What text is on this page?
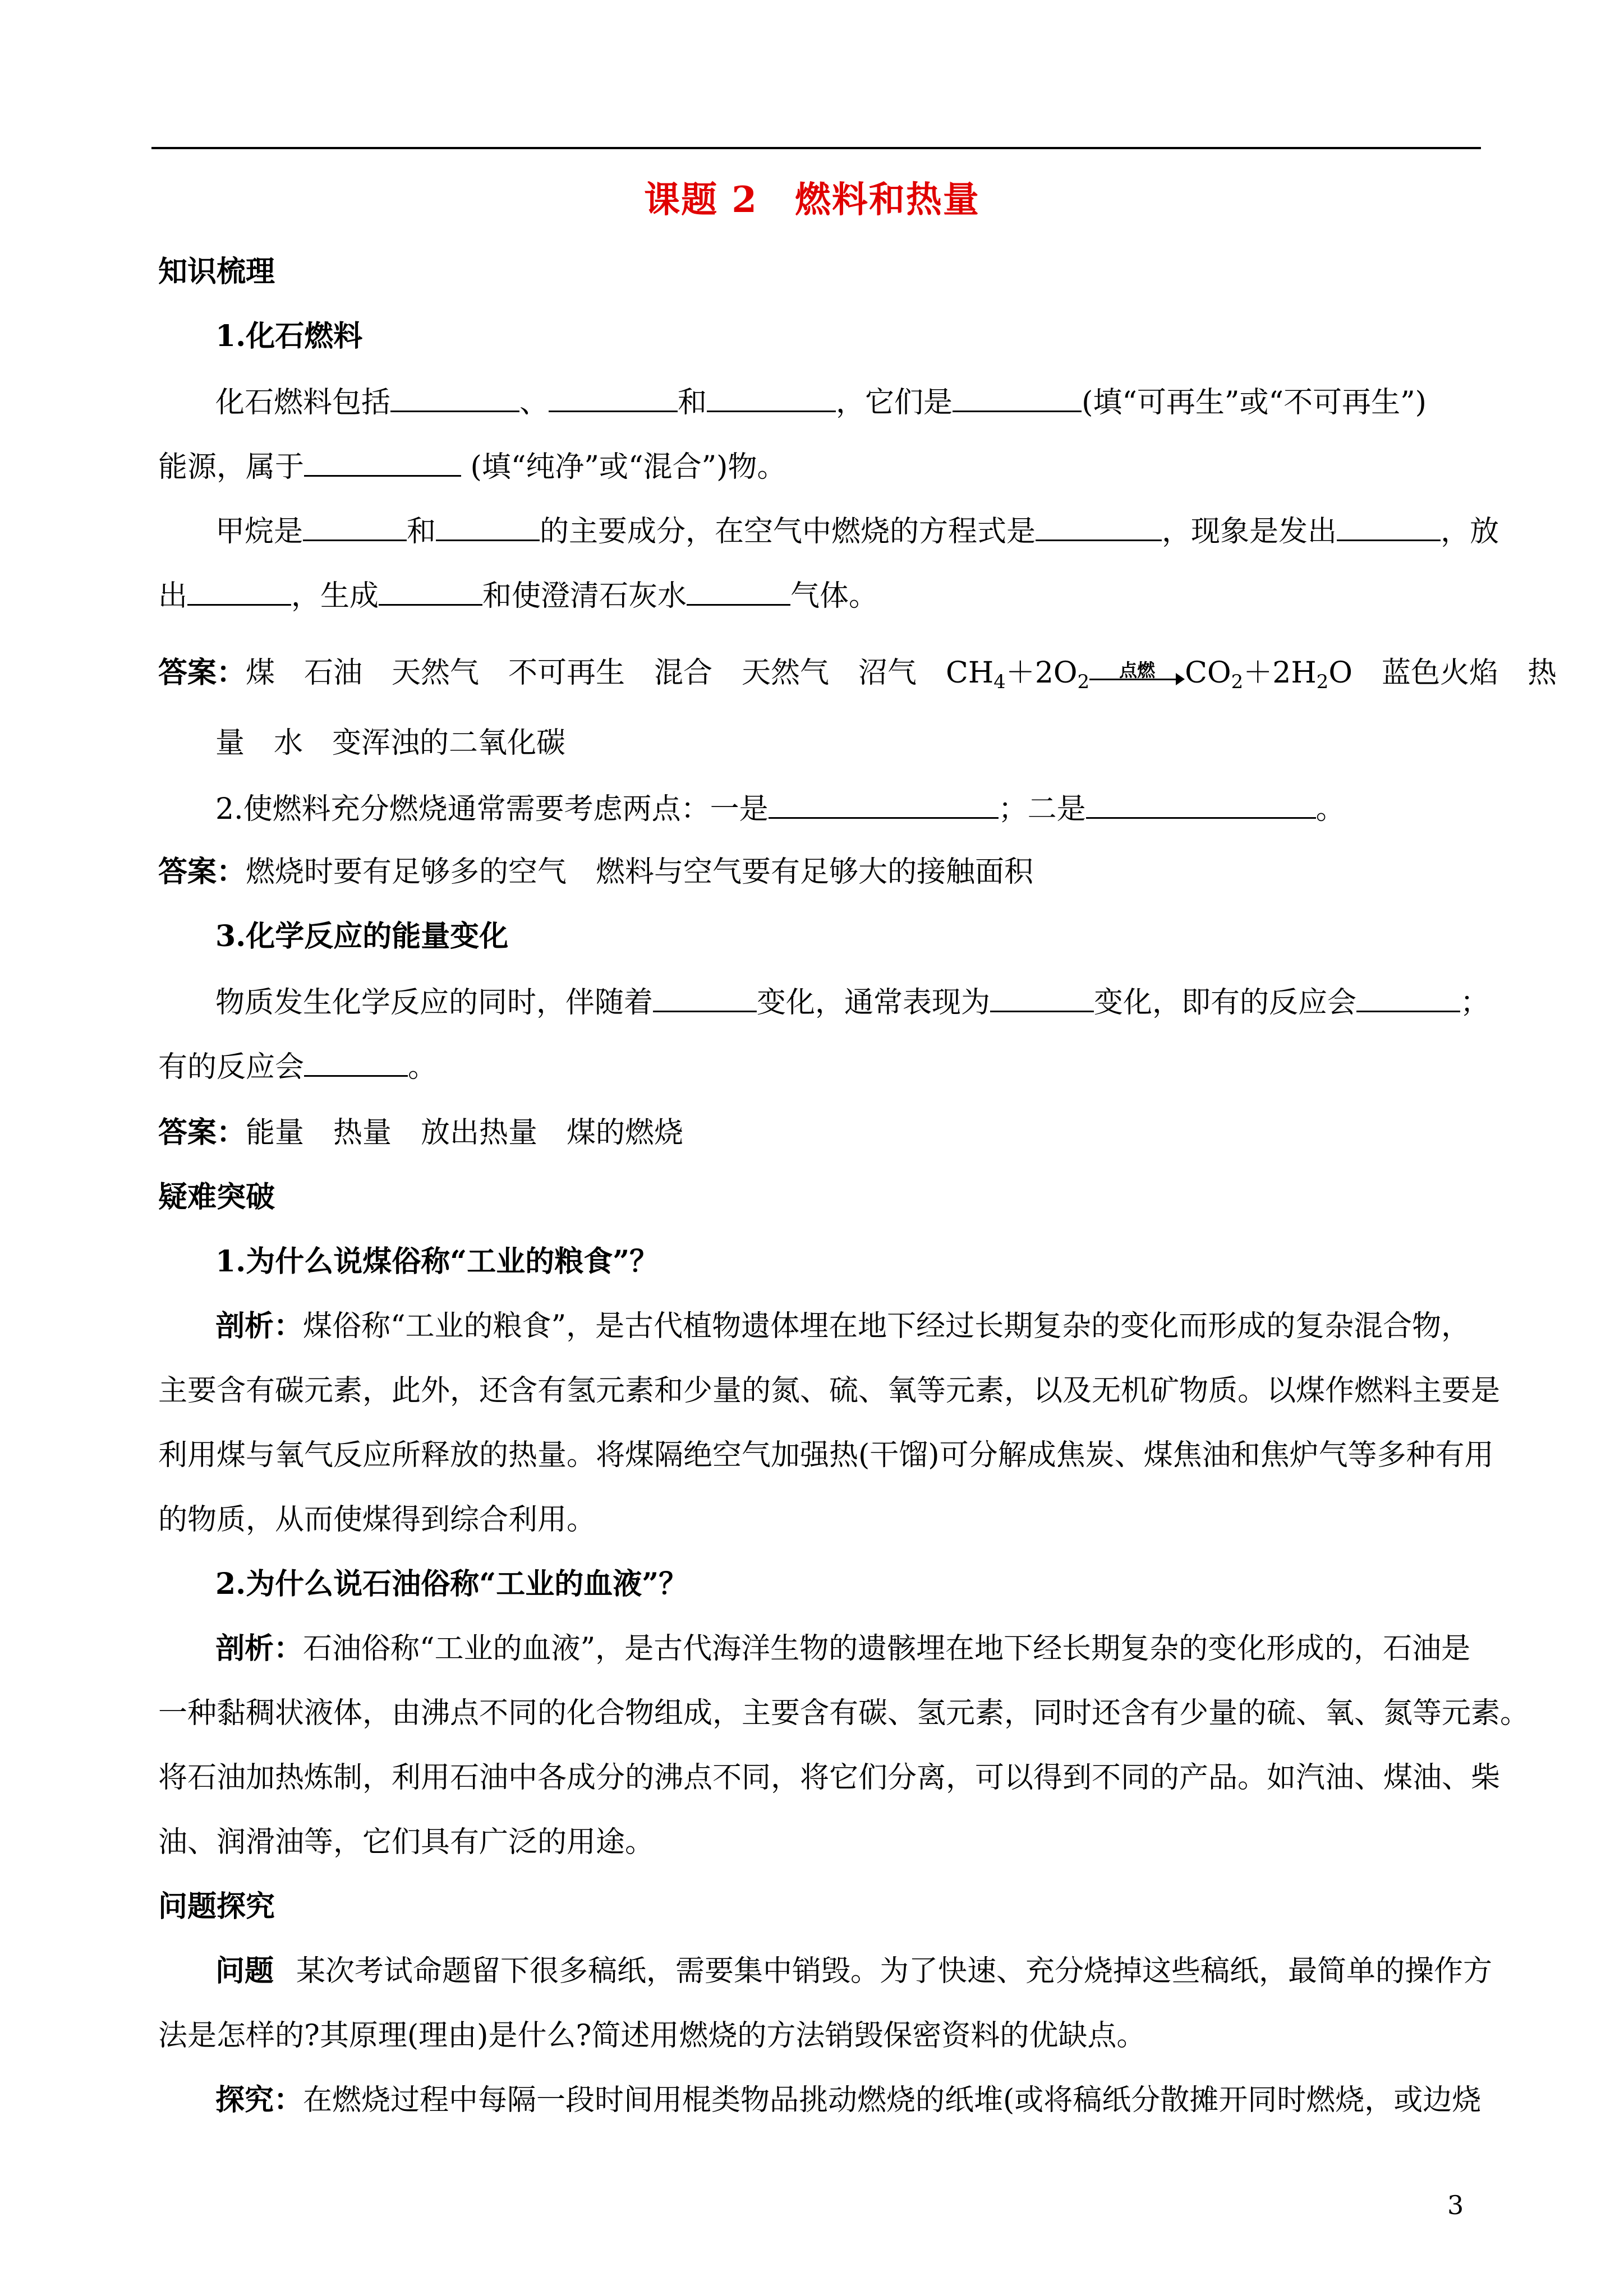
课题 2　燃料和热量
知识梳理
1.化石燃料
化石燃料包括	、	和	，它们是	(填“可再生”或“不可再生”)
能源，属于	(填“纯净”或“混合”)物。
甲烷是	和	的主要成分，在空气中燃烧的方程式是	，现象是发出	，放
出	，生成	和使澄清石灰水	气体。
答案：煤　石油　天然气　不可再生　混合　天然气　沼气 $CH_4+2O_2$
点燃	$CO_2+2H_2O$ 蓝色火焰　热
量　水　变浑浊的二氧化碳
2.使燃料充分燃烧通常需要考虑两点：一是	；二是	。
答案：燃烧时要有足够多的空气　燃料与空气要有足够大的接触面积
3.化学反应的能量变化
物质发生化学反应的同时，伴随着	变化，通常表现为	变化，即有的反应会	；
有的反应会	。
答案：能量　热量　放出热量　煤的燃烧
疑难突破
1.为什么说煤俗称“工业的粮食”？
剖析：煤俗称“工业的粮食”，是古代植物遗体埋在地下经过长期复杂的变化而形成的复杂混合物，
主要含有碳元素，此外，还含有氢元素和少量的氮、硫、氧等元素，以及无机矿物质。以煤作燃料主要是
利用煤与氧气反应所释放的热量。将煤隔绝空气加强热(干馏)可分解成焦炭、煤焦油和焦炉气等多种有用
的物质，从而使煤得到综合利用。
2.为什么说石油俗称“工业的血液”？
剖析：石油俗称“工业的血液”，是古代海洋生物的遗骸埋在地下经长期复杂的变化形成的，石油是
一种黏稠状液体，由沸点不同的化合物组成，主要含有碳、氢元素，同时还含有少量的硫、氧、氮等元素。
将石油加热炼制，利用石油中各成分的沸点不同，将它们分离，可以得到不同的产品。如汽油、煤油、柴
油、润滑油等，它们具有广泛的用途。
问题探究
问题 某次考试命题留下很多稿纸，需要集中销毁。为了快速、充分烧掉这些稿纸，最简单的操作方
法是怎样的?其原理(理由)是什么?简述用燃烧的方法销毁保密资料的优缺点。
探究：在燃烧过程中每隔一段时间用棍类物品挑动燃烧的纸堆(或将稿纸分散摊开同时燃烧，或边烧
3
